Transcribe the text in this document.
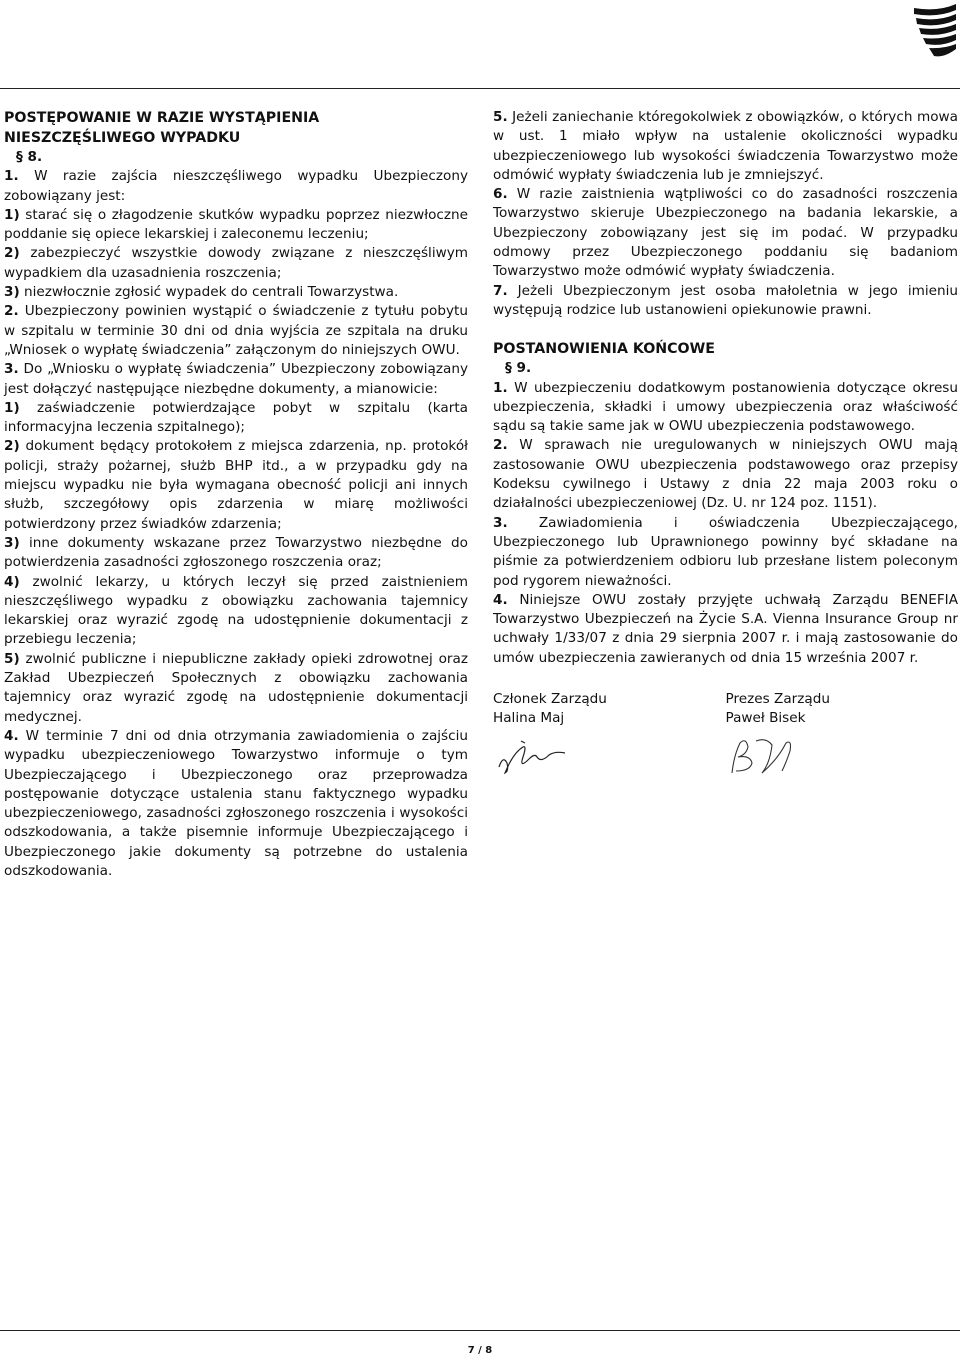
POSTĘPOWANIE W RAZIE WYSTĄPIENIA NIESZCZĘŚLIWEGO WYPADKU

§ 8.

1. W razie zajścia nieszczęśliwego wypadku Ubezpieczony zobowiązany jest:

1) starać się o złagodzenie skutków wypadku poprzez niezwłoczne poddanie się opiece lekarskiej i zaleconemu leczeniu;

2) zabezpieczyć wszystkie dowody związane z nieszczęśliwym wypadkiem dla uzasadnienia roszczenia;

3) niezwłocznie zgłosić wypadek do centrali Towarzystwa.

2. Ubezpieczony powinien wystąpić o świadczenie z tytułu pobytu w szpitalu w terminie 30 dni od dnia wyjścia ze szpitala na druku „Wniosek o wypłatę świadczenia” załączonym do niniejszych OWU.

3. Do „Wniosku o wypłatę świadczenia” Ubezpieczony zobowiązany jest dołączyć następujące niezbędne dokumenty, a mianowicie:

1) zaświadczenie potwierdzające pobyt w szpitalu (karta informacyjna leczenia szpitalnego);

2) dokument będący protokołem z miejsca zdarzenia, np. protokół policji, straży pożarnej, służb BHP itd., a w przypadku gdy na miejscu wypadku nie była wymagana obecność policji ani innych służb, szczegółowy opis zdarzenia w miarę możliwości potwierdzony przez świadków zdarzenia;

3) inne dokumenty wskazane przez Towarzystwo niezbędne do potwierdzenia zasadności zgłoszonego roszczenia oraz;

4) zwolnić lekarzy, u których leczył się przed zaistnieniem nieszczęśliwego wypadku z obowiązku zachowania tajemnicy lekarskiej oraz wyrazić zgodę na udostępnienie dokumentacji z przebiegu leczenia;

5) zwolnić publiczne i niepubliczne zakłady opieki zdrowotnej oraz Zakład Ubezpieczeń Społecznych z obowiązku zachowania tajemnicy oraz wyrazić zgodę na udostępnienie dokumentacji medycznej.

4. W terminie 7 dni od dnia otrzymania zawiadomienia o zajściu wypadku ubezpieczeniowego Towarzystwo informuje o tym Ubezpieczającego i Ubezpieczonego oraz przeprowadza postępowanie dotyczące ustalenia stanu faktycznego wypadku ubezpieczeniowego, zasadności zgłoszonego roszczenia i wysokości odszkodowania, a także pisemnie informuje Ubezpieczającego i Ubezpieczonego jakie dokumenty są potrzebne do ustalenia odszkodowania.

5. Jeżeli zaniechanie któregokolwiek z obowiązków, o których mowa w ust. 1 miało wpływ na ustalenie okoliczności wypadku ubezpieczeniowego lub wysokości świadczenia Towarzystwo może odmówić wypłaty świadczenia lub je zmniejszyć.

6. W razie zaistnienia wątpliwości co do zasadności roszczenia Towarzystwo skieruje Ubezpieczonego na badania lekarskie, a Ubezpieczony zobowiązany jest się im podać. W przypadku odmowy przez Ubezpieczonego poddaniu się badaniom Towarzystwo może odmówić wypłaty świadczenia.

7. Jeżeli Ubezpieczonym jest osoba małoletnia w jego imieniu występują rodzice lub ustanowieni opiekunowie prawni.

POSTANOWIENIA KOŃCOWE

§ 9.

1. W ubezpieczeniu dodatkowym postanowienia dotyczące okresu ubezpieczenia, składki i umowy ubezpieczenia oraz właściwość sądu są takie same jak w OWU ubezpieczenia podstawowego.

2. W sprawach nie uregulowanych w niniejszych OWU mają zastosowanie OWU ubezpieczenia podstawowego oraz przepisy Kodeksu cywilnego i Ustawy z dnia 22 maja 2003 roku o działalności ubezpieczeniowej (Dz. U. nr 124 poz. 1151).

3. Zawiadomienia i oświadczenia Ubezpieczającego, Ubezpieczonego lub Uprawnionego powinny być składane na piśmie za potwierdzeniem odbioru lub przesłane listem poleconym pod rygorem nieważności.

4. Niniejsze OWU zostały przyjęte uchwałą Zarządu BENEFIA Towarzystwo Ubezpieczeń na Życie S.A. Vienna Insurance Group nr uchwały 1/33/07 z dnia 29 sierpnia 2007 r. i mają zastosowanie do umów ubezpieczenia zawieranych od dnia 15 września 2007 r.

Członek Zarządu

Halina Maj

Prezes Zarządu

Paweł Bisek

7 / 8
